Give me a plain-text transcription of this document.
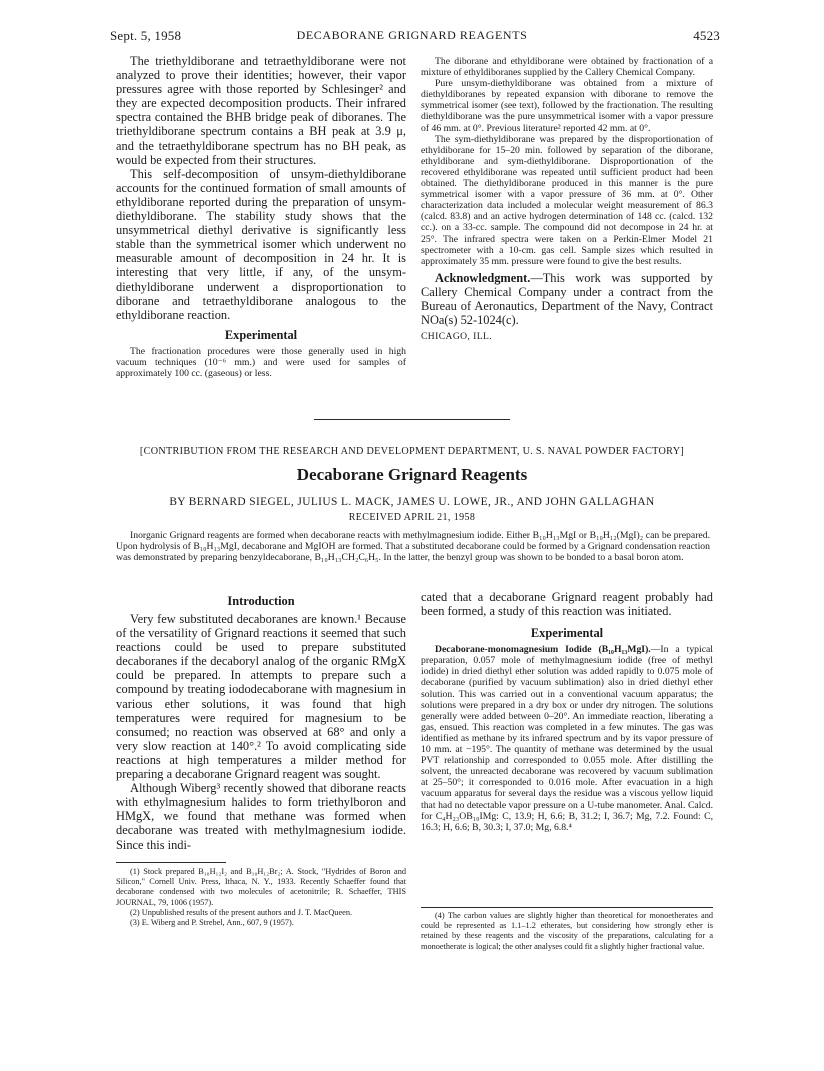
Sept. 5, 1958	DECABORANE GRIGNARD REAGENTS	4523

The triethyldiborane and tetraethyldiborane were not analyzed to prove their identities; however, their vapor pressures agree with those reported by Schlesinger² and they are expected decomposition products. Their infrared spectra contained the BHB bridge peak of diboranes. The triethyldiborane spectrum contains a BH peak at 3.9 μ, and the tetraethyldiborane spectrum has no BH peak, as would be expected from their structures.

This self-decomposition of unsym-diethyldiborane accounts for the continued formation of small amounts of ethyldiborane reported during the preparation of unsym-diethyldiborane. The stability study shows that the unsymmetrical diethyl derivative is significantly less stable than the symmetrical isomer which underwent no measurable amount of decomposition in 24 hr. It is interesting that very little, if any, of the unsym-diethyldiborane underwent a disproportionation to diborane and tetraethyldiborane analogous to the ethyldiborane reaction.

Experimental

The fractionation procedures were those generally used in high vacuum techniques (10⁻⁶ mm.) and were used for samples of approximately 100 cc. (gaseous) or less.

The diborane and ethyldiborane were obtained by fractionation of a mixture of ethyldiboranes supplied by the Callery Chemical Company.

Pure unsym-diethyldiborane was obtained from a mixture of diethyldiboranes by repeated expansion with diborane to remove the symmetrical isomer (see text), followed by the fractionation. The resulting diethyldiborane was the pure unsymmetrical isomer with a vapor pressure of 46 mm. at 0°. Previous literature² reported 42 mm. at 0°.

The sym-diethyldiborane was prepared by the disproportionation of ethyldiborane for 15–20 min. followed by separation of the diborane, ethyldiborane and sym-diethyldiborane. Disproportionation of the recovered ethyldiborane was repeated until sufficient product had been obtained. The diethyldiborane produced in this manner is the pure symmetrical isomer with a vapor pressure of 36 mm. at 0°. Other characterization data included a molecular weight measurement of 86.3 (calcd. 83.8) and an active hydrogen determination of 148 cc. (calcd. 132 cc.). on a 33-cc. sample. The compound did not decompose in 24 hr. at 25°. The infrared spectra were taken on a Perkin-Elmer Model 21 spectrometer with a 10-cm. gas cell. Sample sizes which resulted in approximately 35 mm. pressure were found to give the best results.

Acknowledgment.—This work was supported by Callery Chemical Company under a contract from the Bureau of Aeronautics, Department of the Navy, Contract NOa(s) 52-1024(c).

CHICAGO, ILL.
[CONTRIBUTION FROM THE RESEARCH AND DEVELOPMENT DEPARTMENT, U. S. NAVAL POWDER FACTORY]
Decaborane Grignard Reagents
BY BERNARD SIEGEL, JULIUS L. MACK, JAMES U. LOWE, JR., AND JOHN GALLAGHAN
RECEIVED APRIL 21, 1958

Inorganic Grignard reagents are formed when decaborane reacts with methylmagnesium iodide. Either B₁₀H₁₃MgI or B₁₀H₁₂(MgI)₂ can be prepared. Upon hydrolysis of B₁₀H₁₃MgI, decaborane and MgIOH are formed. That a substituted decaborane could be formed by a Grignard condensation reaction was demonstrated by preparing benzyldecaborane, B₁₀H₁₃CH₂C₆H₅. In the latter, the benzyl group was shown to be bonded to a basal boron atom.

Introduction

Very few substituted decaboranes are known.¹ Because of the versatility of Grignard reactions it seemed that such reactions could be used to prepare substituted decaboranes if the decaboryl analog of the organic RMgX could be prepared. In attempts to prepare such a compound by treating iododecaborane with magnesium in various ether solutions, it was found that high temperatures were required for magnesium to be consumed; no reaction was observed at 68° and only a very slow reaction at 140°.² To avoid complicating side reactions at high temperatures a milder method for preparing a decaborane Grignard reagent was sought.

Although Wiberg³ recently showed that diborane reacts with ethylmagnesium halides to form triethylboron and HMgX, we found that methane was formed when decaborane was treated with methylmagnesium iodide. Since this indi-

(1) Stock prepared B₁₀H₁₂I₂ and B₁₀H₁₂Br₂; A. Stock, "Hydrides of Boron and Silicon," Cornell Univ. Press, Ithaca, N. Y., 1933. Recently Schaeffer found that decaborane condensed with two molecules of acetonitrile; R. Schaeffer, THIS JOURNAL, 79, 1006 (1957).

(2) Unpublished results of the present authors and J. T. MacQueen.

(3) E. Wiberg and P. Strebel, Ann., 607, 9 (1957).

cated that a decaborane Grignard reagent probably had been formed, a study of this reaction was initiated.

Experimental

Decaborane-monomagnesium Iodide (B₁₀H₁₃MgI).—In a typical preparation, 0.057 mole of methylmagnesium iodide (free of methyl iodide) in dried diethyl ether solution was added rapidly to 0.075 mole of decaborane (purified by vacuum sublimation) also in dried diethyl ether solution. This was carried out in a conventional vacuum apparatus; the solutions were prepared in a dry box or under dry nitrogen. The solutions generally were added between 0–20°. An immediate reaction, liberating a gas, ensued. This reaction was completed in a few minutes. The gas was identified as methane by its infrared spectrum and by its vapor pressure of 10 mm. at −195°. The quantity of methane was determined by the usual PVT relationship and corresponded to 0.055 mole. After distilling the solvent, the unreacted decaborane was recovered by vacuum sublimation at 25–50°; it corresponded to 0.016 mole. After evacuation in a high vacuum apparatus for several days the residue was a viscous yellow liquid that had no detectable vapor pressure on a U-tube manometer. Anal. Calcd. for C₄H₂₃OB₁₀IMg: C, 13.9; H, 6.6; B, 31.2; I, 36.7; Mg, 7.2. Found: C, 16.3; H, 6.6; B, 30.3; I, 37.0; Mg, 6.8.⁴

(4) The carbon values are slightly higher than theoretical for monoetherates and could be represented as 1.1–1.2 etherates, but considering how strongly ether is retained by these reagents and the viscosity of the preparations, calculating for a monoetherate is logical; the other analyses could fit a slightly higher fractional value.
